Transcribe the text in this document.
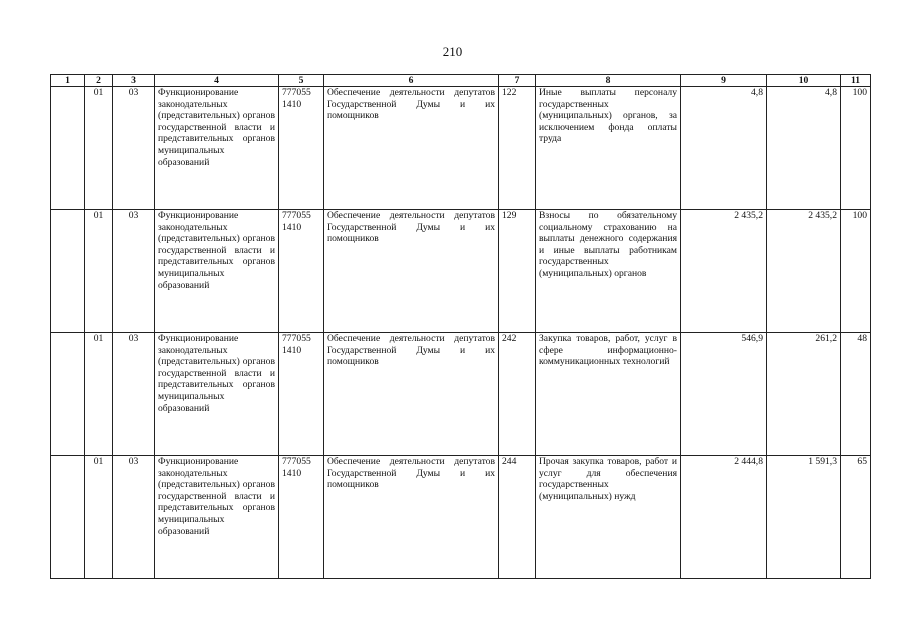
210
1	2	3	4	5	6	7	8	9	10	11
	01	03	Функционирование законодательных (представительных) органов государственной власти и представительных органов муниципальных образований	777055 1410	Обеспечение деятельности депутатов Государственной Думы и их помощников	122	Иные выплаты персоналу государственных (муниципальных) органов, за исключением фонда оплаты труда	4,8	4,8	100
	01	03	Функционирование законодательных (представительных) органов государственной власти и представительных органов муниципальных образований	777055 1410	Обеспечение деятельности депутатов Государственной Думы и их помощников	129	Взносы по обязательному социальному страхованию на выплаты денежного содержания и иные выплаты работникам государственных (муниципальных) органов	2 435,2	2 435,2	100
	01	03	Функционирование законодательных (представительных) органов государственной власти и представительных органов муниципальных образований	777055 1410	Обеспечение деятельности депутатов Государственной Думы и их помощников	242	Закупка товаров, работ, услуг в сфере информационно-коммуникационных технологий	546,9	261,2	48
	01	03	Функционирование законодательных (представительных) органов государственной власти и представительных органов муниципальных образований	777055 1410	Обеспечение деятельности депутатов Государственной Думы и их помощников	244	Прочая закупка товаров, работ и услуг для обеспечения государственных (муниципальных) нужд	2 444,8	1 591,3	65
